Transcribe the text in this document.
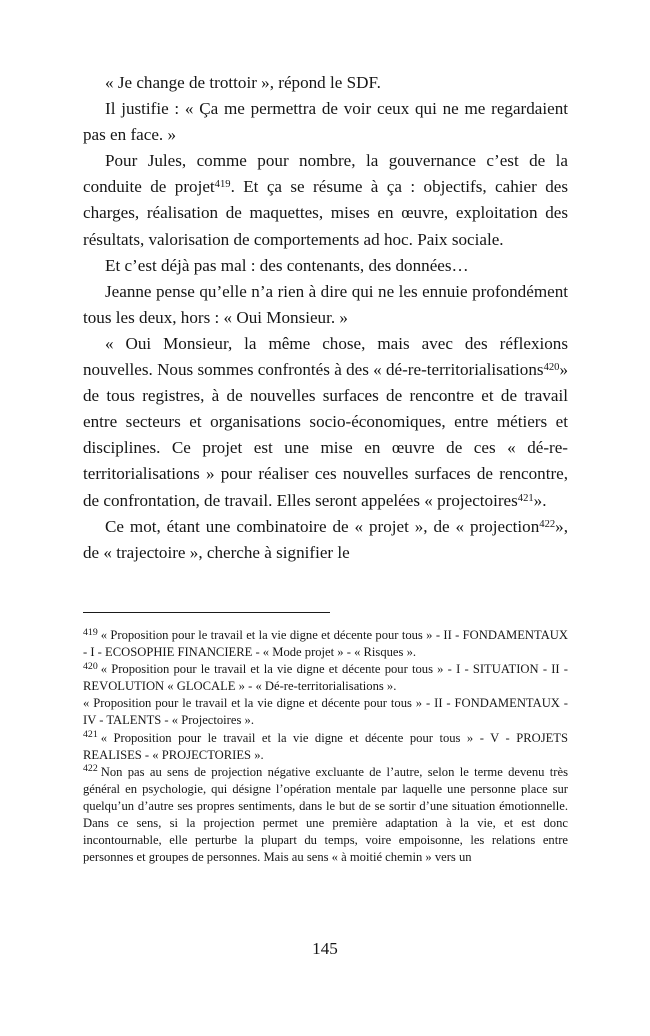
« Je change de trottoir », répond le SDF.

Il justifie : « Ça me permettra de voir ceux qui ne me regardaient pas en face. »

Pour Jules, comme pour nombre, la gouvernance c’est de la conduite de projet$^{419}$. Et ça se résume à ça : objectifs, cahier des charges, réalisation de maquettes, mises en œuvre, exploitation des résultats, valorisation de comportements ad hoc. Paix sociale.

Et c’est déjà pas mal : des contenants, des données…

Jeanne pense qu’elle n’a rien à dire qui ne les ennuie profondément tous les deux, hors : « Oui Monsieur. »

« Oui Monsieur, la même chose, mais avec des réflexions nouvelles. Nous sommes confrontés à des « dé-re-territorialisations$^{420}$» de tous registres, à de nouvelles surfaces de rencontre et de travail entre secteurs et organisations socio-économiques, entre métiers et disciplines. Ce projet est une mise en œuvre de ces « dé-re-territorialisations » pour réaliser ces nouvelles surfaces de rencontre, de confrontation, de travail. Elles seront appelées « projectoires$^{421}$».

Ce mot, étant une combinatoire de « projet », de « projection$^{422}$», de « trajectoire », cherche à signifier le

$^{419}$ « Proposition pour le travail et la vie digne et décente pour tous » - II - FONDAMENTAUX - I - ECOSOPHIE FINANCIERE - « Mode projet » - « Risques ».

$^{420}$ « Proposition pour le travail et la vie digne et décente pour tous » - I - SITUATION - II - REVOLUTION « GLOCALE » - « Dé-re-territorialisations ».

« Proposition pour le travail et la vie digne et décente pour tous » - II - FONDAMENTAUX - IV - TALENTS - « Projectoires ».

$^{421}$ « Proposition pour le travail et la vie digne et décente pour tous » - V - PROJETS REALISES - « PROJECTORIES ».

$^{422}$ Non pas au sens de projection négative excluante de l’autre, selon le terme devenu très général en psychologie, qui désigne l’opération mentale par laquelle une personne place sur quelqu’un d’autre ses propres sentiments, dans le but de se sortir d’une situation émotionnelle. Dans ce sens, si la projection permet une première adaptation à la vie, et est donc incontournable, elle perturbe la plupart du temps, voire empoisonne, les relations entre personnes et groupes de personnes. Mais au sens « à moitié chemin » vers un

145
